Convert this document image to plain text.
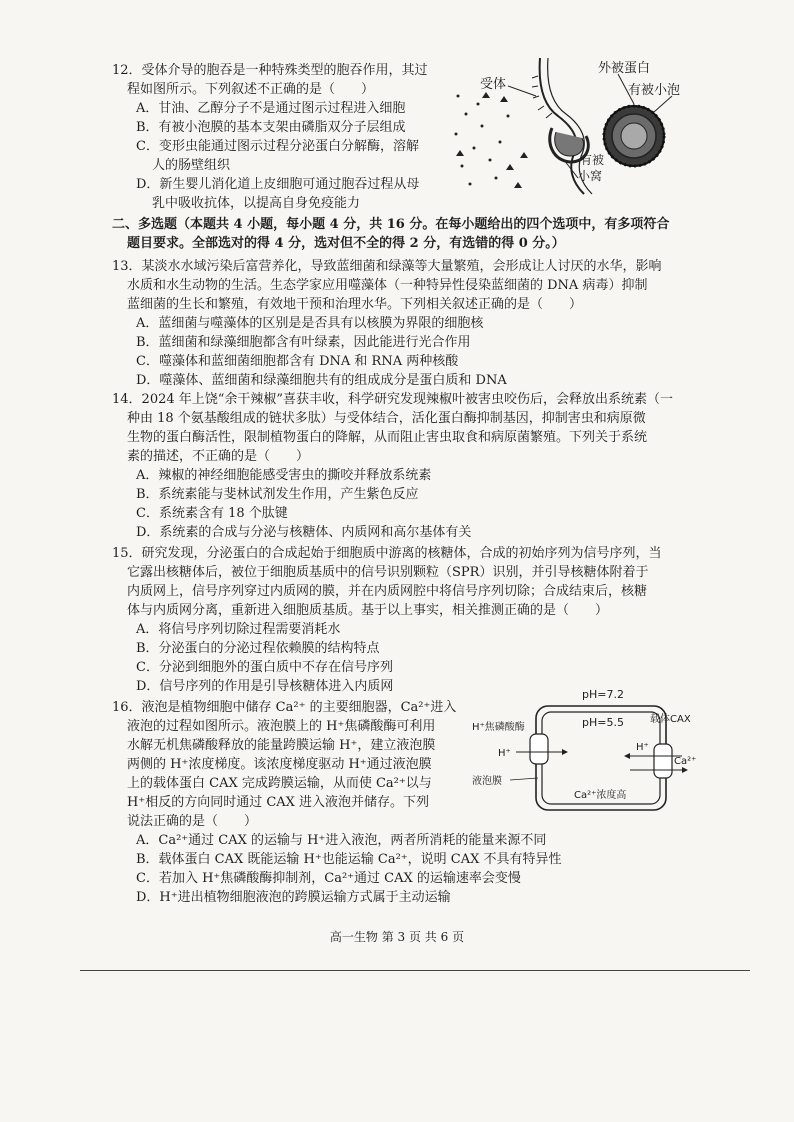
12．受体介导的胞吞是一种特殊类型的胞吞作用，其过
程如图所示。下列叙述不正确的是（　　）
A．甘油、乙醇分子不是通过图示过程进入细胞
B．有被小泡膜的基本支架由磷脂双分子层组成
C．变形虫能通过图示过程分泌蛋白分解酶，溶解
人的肠壁组织
D．新生婴儿消化道上皮细胞可通过胞吞过程从母
乳中吸收抗体，以提高自身免疫能力
受体
外被蛋白
有被小泡
有被
小窝
二、多选题（本题共 4 小题，每小题 4 分，共 16 分。在每小题给出的四个选项中，有多项符合
题目要求。全部选对的得 4 分，选对但不全的得 2 分，有选错的得 0 分。）
13．某淡水水域污染后富营养化，导致蓝细菌和绿藻等大量繁殖，会形成让人讨厌的水华，影响
水质和水生动物的生活。生态学家应用噬藻体（一种特异性侵染蓝细菌的 DNA 病毒）抑制
蓝细菌的生长和繁殖，有效地干预和治理水华。下列相关叙述正确的是（　　）
A．蓝细菌与噬藻体的区别是是否具有以核膜为界限的细胞核
B．蓝细菌和绿藻细胞都含有叶绿素，因此能进行光合作用
C．噬藻体和蓝细菌细胞都含有 DNA 和 RNA 两种核酸
D．噬藻体、蓝细菌和绿藻细胞共有的组成成分是蛋白质和 DNA
14．2024 年上饶“余干辣椒”喜获丰收，科学研究发现辣椒叶被害虫咬伤后，会释放出系统素（一
种由 18 个氨基酸组成的链状多肽）与受体结合，活化蛋白酶抑制基因，抑制害虫和病原微
生物的蛋白酶活性，限制植物蛋白的降解，从而阻止害虫取食和病原菌繁殖。下列关于系统
素的描述，不正确的是（　　）
A．辣椒的神经细胞能感受害虫的撕咬并释放系统素
B．系统素能与斐林试剂发生作用，产生紫色反应
C．系统素含有 18 个肽键
D．系统素的合成与分泌与核糖体、内质网和高尔基体有关
15．研究发现，分泌蛋白的合成起始于细胞质中游离的核糖体，合成的初始序列为信号序列，当
它露出核糖体后，被位于细胞质基质中的信号识别颗粒（SPR）识别，并引导核糖体附着于
内质网上，信号序列穿过内质网的膜，并在内质网腔中将信号序列切除；合成结束后，核糖
体与内质网分离，重新进入细胞质基质。基于以上事实，相关推测正确的是（　　）
A．将信号序列切除过程需要消耗水
B．分泌蛋白的分泌过程依赖膜的结构特点
C．分泌到细胞外的蛋白质中不存在信号序列
D．信号序列的作用是引导核糖体进入内质网
16．液泡是植物细胞中储存 Ca²⁺ 的主要细胞器，Ca²⁺进入
液泡的过程如图所示。液泡膜上的 H⁺焦磷酸酶可利用
水解无机焦磷酸释放的能量跨膜运输 H⁺，建立液泡膜
两侧的 H⁺浓度梯度。该浓度梯度驱动 H⁺通过液泡膜
上的载体蛋白 CAX 完成跨膜运输，从而使 Ca²⁺以与
H⁺相反的方向同时通过 CAX 进入液泡并储存。下列
说法正确的是（　　）
A．Ca²⁺通过 CAX 的运输与 H⁺进入液泡，两者所消耗的能量来源不同
B．载体蛋白 CAX 既能运输 H⁺也能运输 Ca²⁺，说明 CAX 不具有特异性
C．若加入 H⁺焦磷酸酶抑制剂，Ca²⁺通过 CAX 的运输速率会变慢
D．H⁺进出植物细胞液泡的跨膜运输方式属于主动运输
pH=7.2
pH=5.5
H⁺焦磷酸酶
H⁺
载体CAX
H⁺
Ca²⁺
液泡膜
Ca²⁺浓度高
高一生物 第 3 页 共 6 页
